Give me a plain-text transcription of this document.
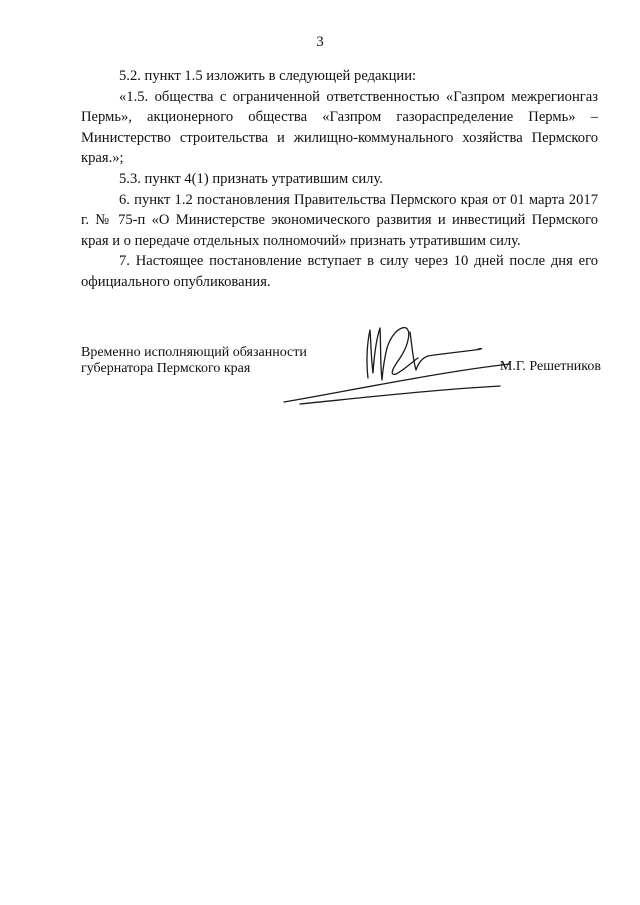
3

5.2. пункт 1.5 изложить в следующей редакции:

«1.5. общества с ограниченной ответственностью «Газпром межрегионгаз Пермь», акционерного общества «Газпром газораспределение Пермь» – Министерство строительства и жилищно-коммунального хозяйства Пермского края.»;

5.3. пункт 4(1) признать утратившим силу.

6. пункт 1.2 постановления Правительства Пермского края от 01 марта 2017 г. № 75-п «О Министерстве экономического развития и инвестиций Пермского края и о передаче отдельных полномочий» признать утратившим силу.

7. Настоящее постановление вступает в силу через 10 дней после дня его официального опубликования.

Временно исполняющий обязанности
губернатора Пермского края	М.Г. Решетников
